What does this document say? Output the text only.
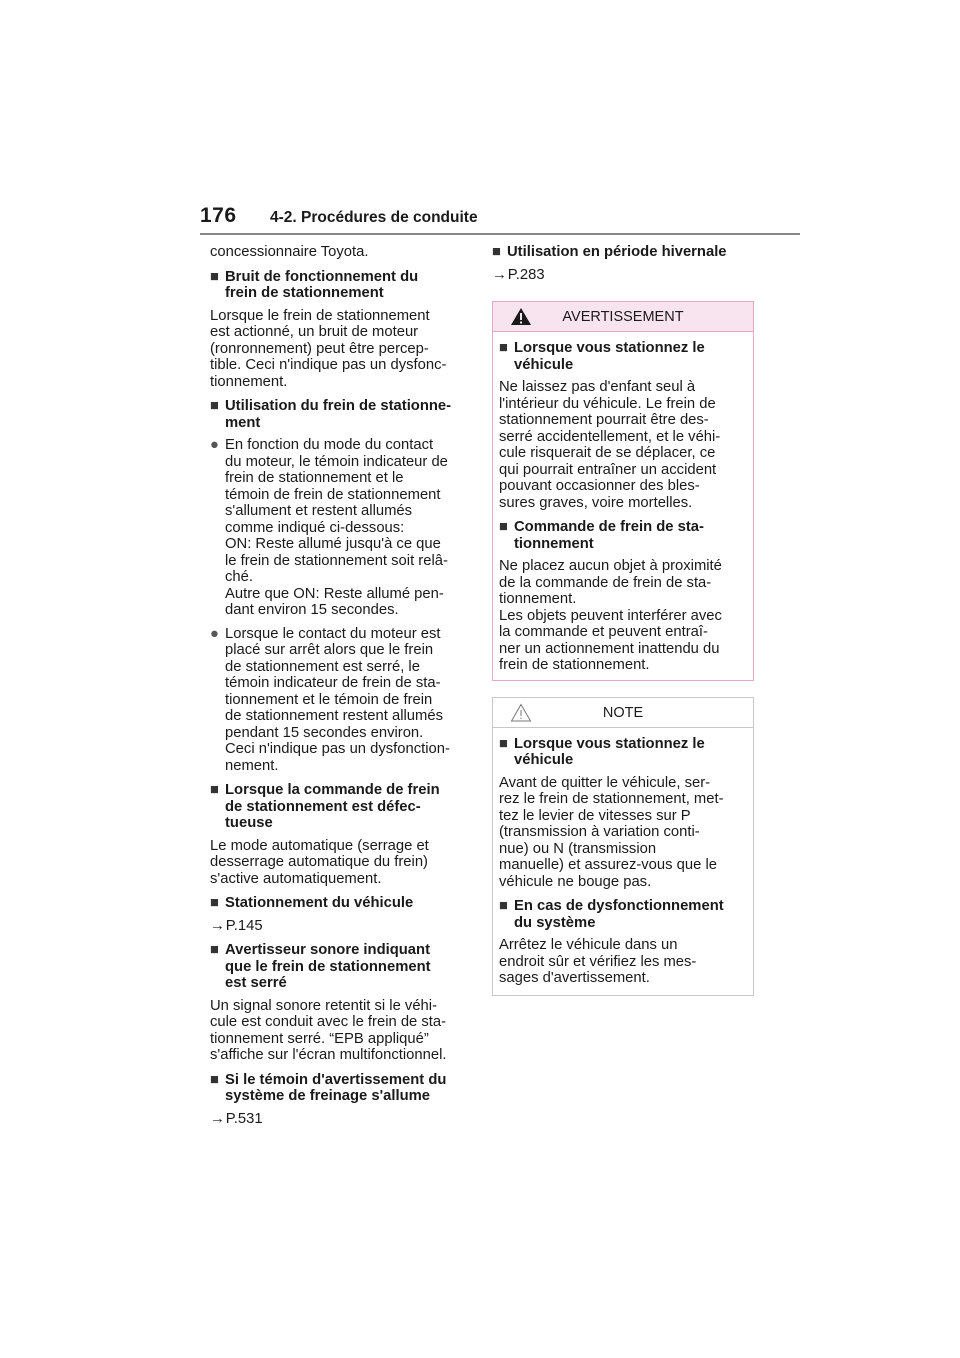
176 4-2. Procédures de conduite
concessionnaire Toyota.
■ Bruit de fonctionnement du
frein de stationnement
Lorsque le frein de stationnement
est actionné, un bruit de moteur
(ronronnement) peut être percep-
tible. Ceci n'indique pas un dysfonc-
tionnement.
■ Utilisation du frein de stationne-
ment
● En fonction du mode du contact
du moteur, le témoin indicateur de
frein de stationnement et le
témoin de frein de stationnement
s'allument et restent allumés
comme indiqué ci-dessous:
ON: Reste allumé jusqu'à ce que
le frein de stationnement soit relâ-
ché.
Autre que ON: Reste allumé pen-
dant environ 15 secondes.
● Lorsque le contact du moteur est
placé sur arrêt alors que le frein
de stationnement est serré, le
témoin indicateur de frein de sta-
tionnement et le témoin de frein
de stationnement restent allumés
pendant 15 secondes environ.
Ceci n'indique pas un dysfonction-
nement.
■ Lorsque la commande de frein
de stationnement est défec-
tueuse
Le mode automatique (serrage et
desserrage automatique du frein)
s'active automatiquement.
■ Stationnement du véhicule
→P.145
■ Avertisseur sonore indiquant
que le frein de stationnement
est serré
Un signal sonore retentit si le véhi-
cule est conduit avec le frein de sta-
tionnement serré. “EPB appliqué”
s'affiche sur l'écran multifonctionnel.
■ Si le témoin d'avertissement du
système de freinage s'allume
→P.531
■ Utilisation en période hivernale
→P.283
AVERTISSEMENT
■ Lorsque vous stationnez le
véhicule
Ne laissez pas d'enfant seul à
l'intérieur du véhicule. Le frein de
stationnement pourrait être des-
serré accidentellement, et le véhi-
cule risquerait de se déplacer, ce
qui pourrait entraîner un accident
pouvant occasionner des bles-
sures graves, voire mortelles.
■ Commande de frein de sta-
tionnement
Ne placez aucun objet à proximité
de la commande de frein de sta-
tionnement.
Les objets peuvent interférer avec
la commande et peuvent entraî-
ner un actionnement inattendu du
frein de stationnement.
NOTE
■ Lorsque vous stationnez le
véhicule
Avant de quitter le véhicule, ser-
rez le frein de stationnement, met-
tez le levier de vitesses sur P
(transmission à variation conti-
nue) ou N (transmission
manuelle) et assurez-vous que le
véhicule ne bouge pas.
■ En cas de dysfonctionnement
du système
Arrêtez le véhicule dans un
endroit sûr et vérifiez les mes-
sages d'avertissement.
